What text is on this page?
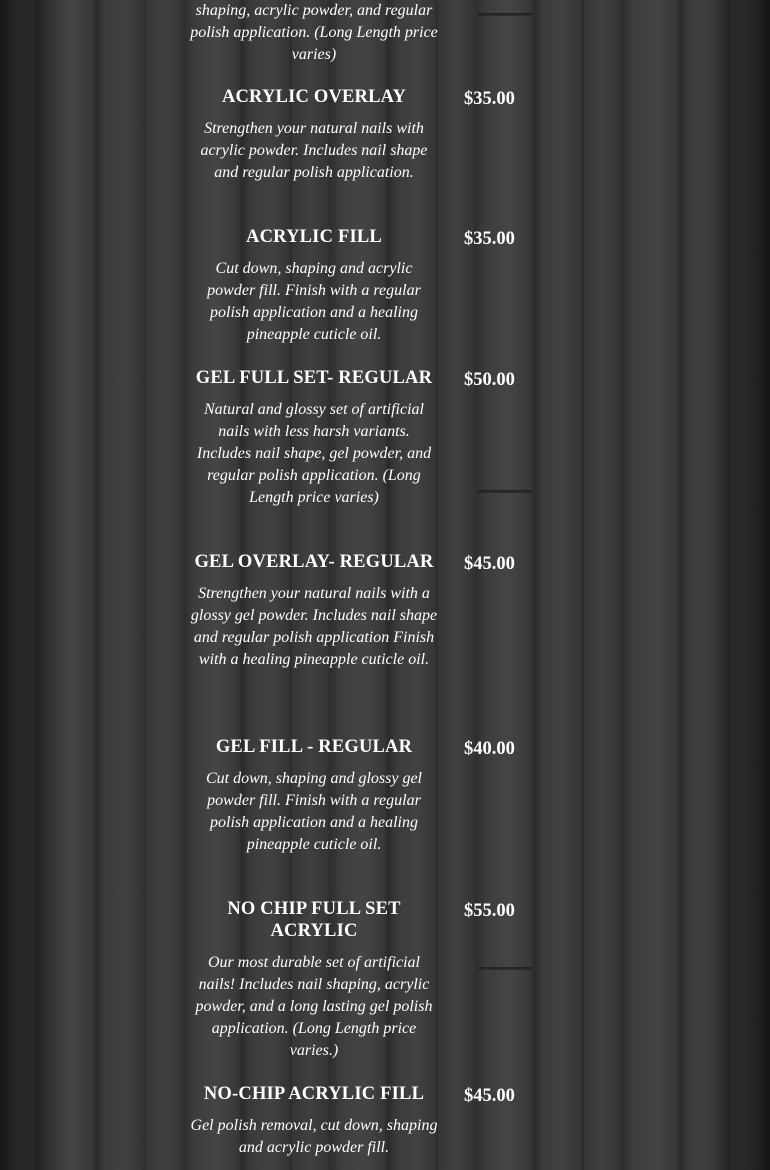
shaping, acrylic powder, and regular polish application. (Long Length price varies)
ACRYLIC OVERLAY
Strengthen your natural nails with acrylic powder. Includes nail shape and regular polish application.
$35.00
ACRYLIC FILL
Cut down, shaping and acrylic powder fill. Finish with a regular polish application and a healing pineapple cuticle oil.
$35.00
GEL FULL SET- REGULAR
Natural and glossy set of artificial nails with less harsh variants. Includes nail shape, gel powder, and regular polish application. (Long Length price varies)
$50.00
GEL OVERLAY- REGULAR
Strengthen your natural nails with a glossy gel powder. Includes nail shape and regular polish application Finish with a healing pineapple cuticle oil.
$45.00
GEL FILL - REGULAR
Cut down, shaping and glossy gel powder fill. Finish with a regular polish application and a healing pineapple cuticle oil.
$40.00
NO CHIP FULL SET ACRYLIC
Our most durable set of artificial nails! Includes nail shaping, acrylic powder, and a long lasting gel polish application. (Long Length price varies.)
$55.00
NO-CHIP ACRYLIC FILL
Gel polish removal, cut down, shaping and acrylic powder fill.
$45.00
